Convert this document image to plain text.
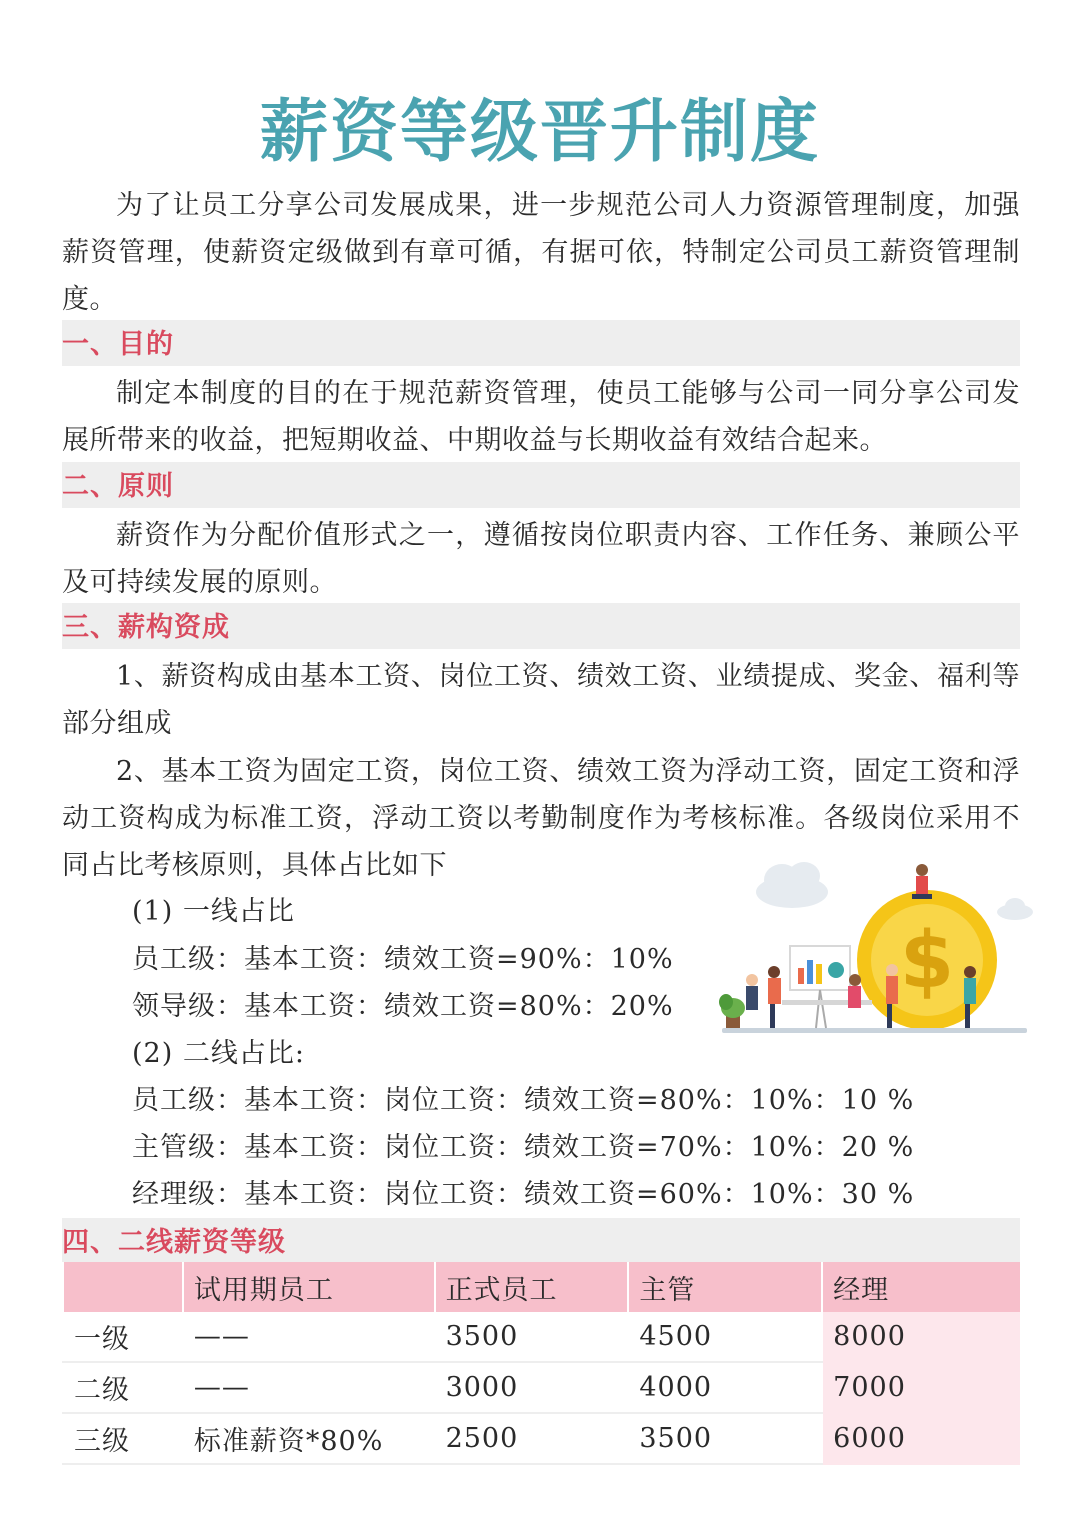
薪资等级晋升制度

为了让员工分享公司发展成果，进一步规范公司人力资源管理制度，加强薪资管理，使薪资定级做到有章可循，有据可依，特制定公司员工薪资管理制度。

一、目的

制定本制度的目的在于规范薪资管理，使员工能够与公司一同分享公司发展所带来的收益，把短期收益、中期收益与长期收益有效结合起来。

二、原则

薪资作为分配价值形式之一，遵循按岗位职责内容、工作任务、兼顾公平及可持续发展的原则。

三、薪构资成

1、薪资构成由基本工资、岗位工资、绩效工资、业绩提成、奖金、福利等部分组成

2、基本工资为固定工资，岗位工资、绩效工资为浮动工资，固定工资和浮动工资构成为标准工资，浮动工资以考勤制度作为考核标准。各级岗位采用不同占比考核原则，具体占比如下

(1) 一线占比
员工级：基本工资：绩效工资=90%：10%
领导级：基本工资：绩效工资=80%：20%
(2) 二线占比:
员工级：基本工资：岗位工资：绩效工资=80%：10%：10 %
主管级：基本工资：岗位工资：绩效工资=70%：10%：20 %
经理级：基本工资：岗位工资：绩效工资=60%：10%：30 %
$
四、二线薪资等级
	试用期员工	正式员工	主管	经理
一级	——	3500	4500	8000
二级	——	3000	4000	7000
三级	标准薪资*80%	2500	3500	6000
